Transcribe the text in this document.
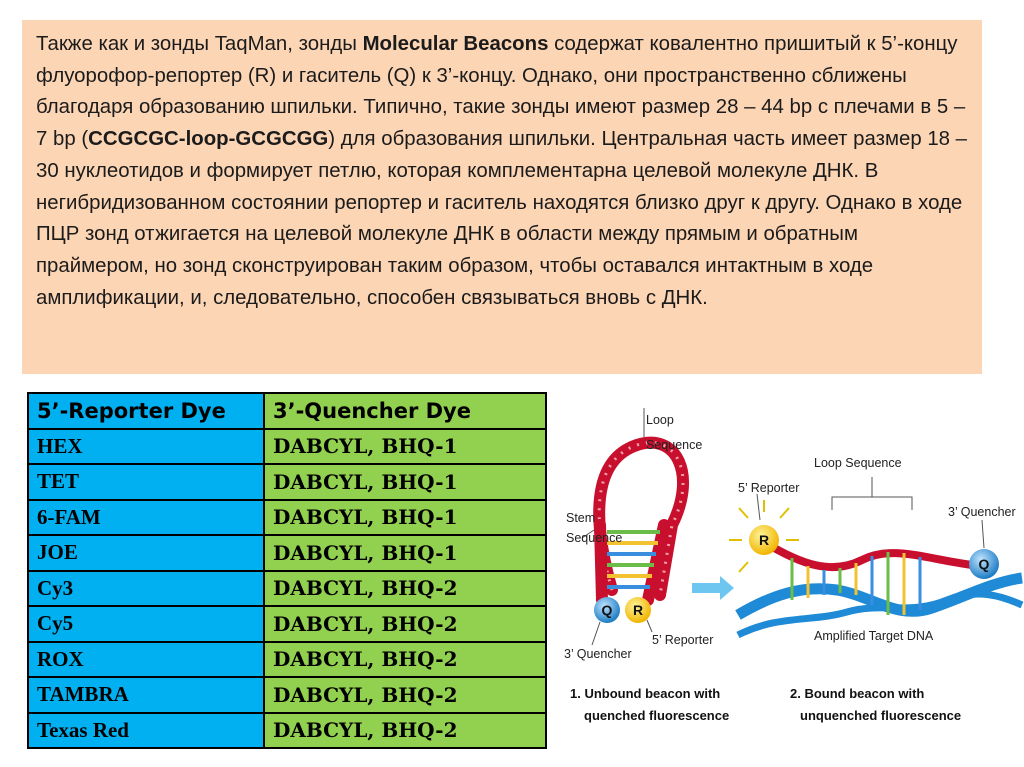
Также как и зонды TaqMan, зонды Molecular Beacons содержат ковалентно пришитый к 5’-концу флуорофор-репортер (R) и гаситель (Q) к 3’-концу. Однако, они пространственно сближены благодаря образованию шпильки. Типично, такие зонды имеют размер 28 – 44 bp с плечами в 5 – 7 bp (CCGCGC-loop-GCGCGG) для образования шпильки. Центральная часть имеет размер 18 – 30 нуклеотидов и формирует петлю, которая комплементарна целевой молекуле ДНК. В негибридизованном состоянии репортер и гаситель находятся близко друг к другу. Однако в ходе ПЦР зонд отжигается на целевой молекуле ДНК в области между прямым и обратным праймером, но зонд сконструирован таким образом, чтобы оставался интактным в ходе амплификации, и, следовательно, способен связываться вновь с ДНК.

5’-Reporter Dye	3’-Quencher Dye
HEX	DABCYL, BHQ-1
TET	DABCYL, BHQ-1
6-FAM	DABCYL, BHQ-1
JOE	DABCYL, BHQ-1
Cy3	DABCYL, BHQ-2
Cy5	DABCYL, BHQ-2
ROX	DABCYL, BHQ-2
TAMBRA	DABCYL, BHQ-2
Texas Red	DABCYL, BHQ-2
Q R
Loop
Sequence
Stem
Sequence
5’ Reporter
3’ Quencher
R
Q
Loop Sequence
5’ Reporter
3’ Quencher
Amplified Target DNA
1. Unbound beacon with
quenched fluorescence
2. Bound beacon with
unquenched fluorescence
